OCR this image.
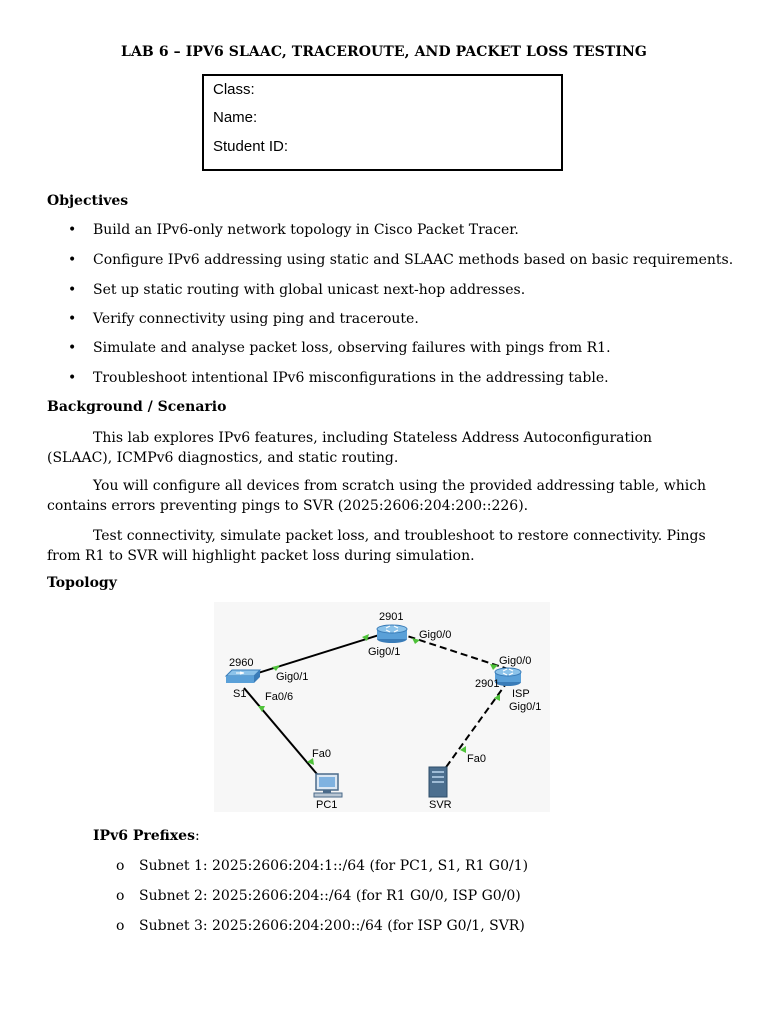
LAB 6 – IPV6 SLAAC, TRACEROUTE, AND PACKET LOSS TESTING
Class:
Name:
Student ID:
Objectives
• Build an IPv6-only network topology in Cisco Packet Tracer.
• Configure IPv6 addressing using static and SLAAC methods based on basic requirements.
• Set up static routing with global unicast next-hop addresses.
• Verify connectivity using ping and traceroute.
• Simulate and analyse packet loss, observing failures with pings from R1.
• Troubleshoot intentional IPv6 misconfigurations in the addressing table.
Background / Scenario
This lab explores IPv6 features, including Stateless Address Autoconfiguration (SLAAC), ICMPv6 diagnostics, and static routing.
You will configure all devices from scratch using the provided addressing table, which contains errors preventing pings to SVR (2025:2606:204:200::226).
Test connectivity, simulate packet loss, and troubleshoot to restore connectivity. Pings from R1 to SVR will highlight packet loss during simulation.
Topology
2901
Gig0/0
Gig0/1
2960
Gig0/1
S1 Fa0/6
Gig0/0
2901
ISP
Gig0/1
Fa0	Fa0
PC1	SVR
IPv6 Prefixes:
o Subnet 1: 2025:2606:204:1::/64 (for PC1, S1, R1 G0/1)
o Subnet 2: 2025:2606:204::/64 (for R1 G0/0, ISP G0/0)
o Subnet 3: 2025:2606:204:200::/64 (for ISP G0/1, SVR)
